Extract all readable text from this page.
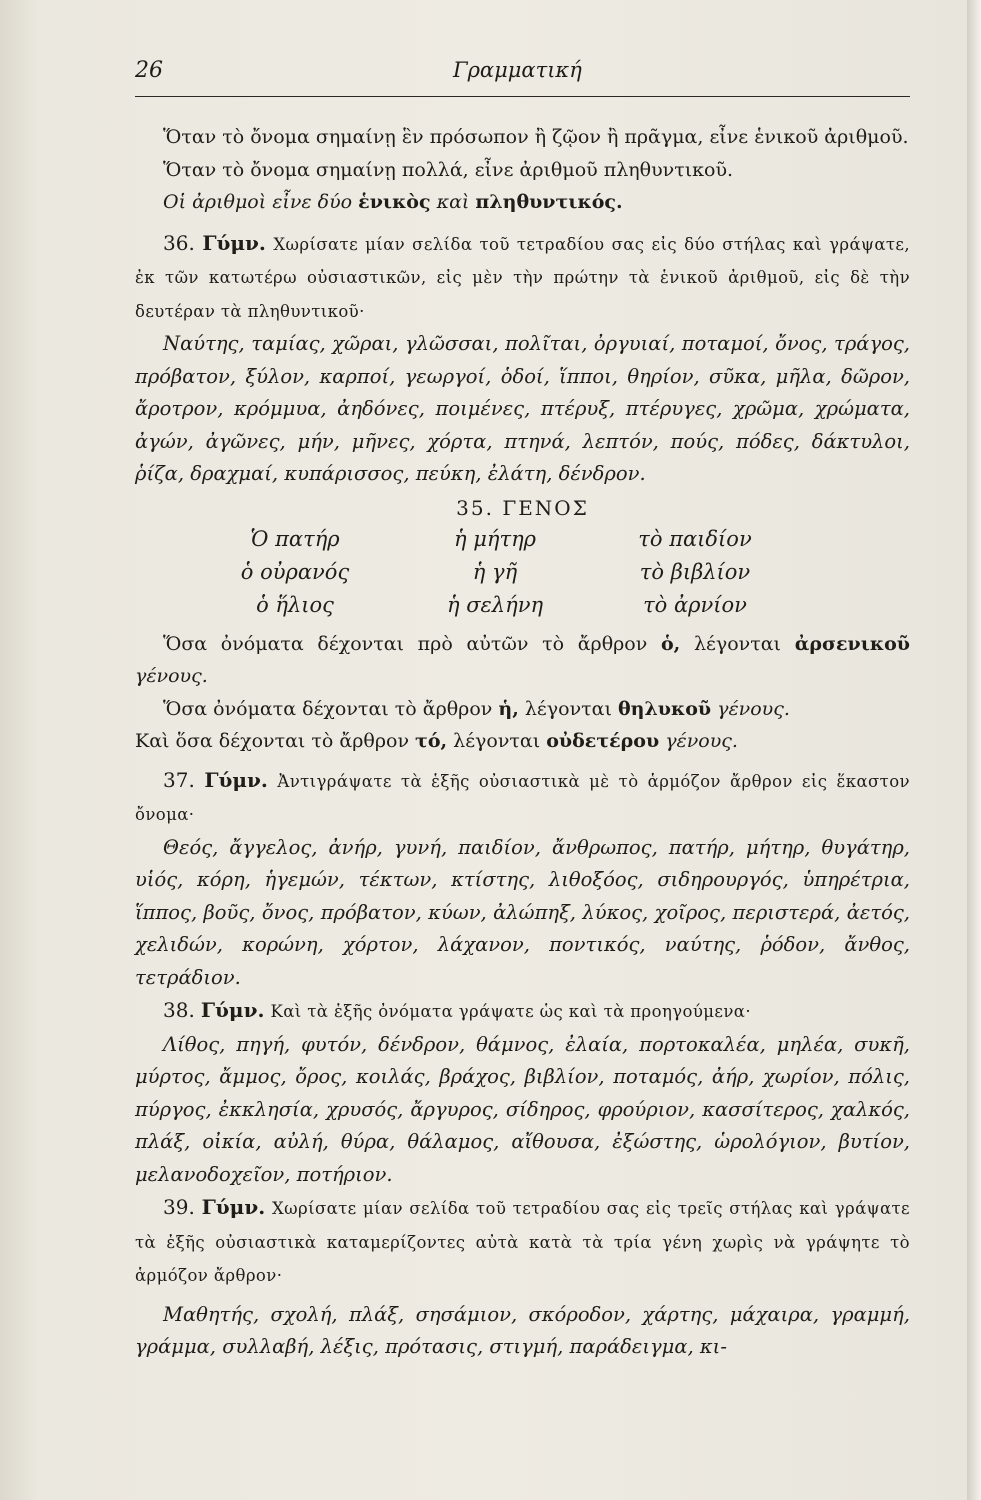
26	Γραμματική

Ὅταν τὸ ὄνομα σημαίνῃ ἓν πρόσωπον ἢ ζῷον ἢ πρᾶγμα, εἶνε ἑνικοῦ ἀριθμοῦ.

Ὅταν τὸ ὄνομα σημαίνῃ πολλά, εἶνε ἀριθμοῦ πληθυντικοῦ.

Οἱ ἀριθμοὶ εἶνε δύο ἑνικὸς καὶ πληθυντικός.

36. Γύμν. Χωρίσατε μίαν σελίδα τοῦ τετραδίου σας εἰς δύο στήλας καὶ γράψατε, ἐκ τῶν κατωτέρω οὐσιαστικῶν, εἰς μὲν τὴν πρώτην τὰ ἑνικοῦ ἀριθμοῦ, εἰς δὲ τὴν δευτέραν τὰ πληθυντικοῦ·

Ναύτης, ταμίας, χῶραι, γλῶσσαι, πολῖται, ὀργυιαί, ποταμοί, ὄνος, τράγος, πρόβατον, ξύλον, καρποί, γεωργοί, ὁδοί, ἵπποι, θηρίον, σῦκα, μῆλα, δῶρον, ἄροτρον, κρόμμυα, ἀηδόνες, ποιμένες, πτέρυξ, πτέρυγες, χρῶμα, χρώματα, ἀγών, ἀγῶνες, μήν, μῆνες, χόρτα, πτηνά, λεπτόν, πούς, πόδες, δάκτυλοι, ῥίζα, δραχμαί, κυπάρισσος, πεύκη, ἐλάτη, δένδρον.

35. ΓΕΝΟΣ
Ὁ πατήρ	ἡ μήτηρ	τὸ παιδίον
ὁ οὐρανός	ἡ γῆ	τὸ βιβλίον
ὁ ἥλιος	ἡ σελήνη	τὸ ἀρνίον

Ὅσα ὀνόματα δέχονται πρὸ αὐτῶν τὸ ἄρθρον ὁ, λέγονται ἀρσενικοῦ γένους.

Ὅσα ὀνόματα δέχονται τὸ ἄρθρον ἡ, λέγονται θηλυκοῦ γένους.

Καὶ ὅσα δέχονται τὸ ἄρθρον τό, λέγονται οὐδετέρου γένους.

37. Γύμν. Ἀντιγράψατε τὰ ἑξῆς οὐσιαστικὰ μὲ τὸ ἁρμόζον ἄρθρον εἰς ἕκαστον ὄνομα·

Θεός, ἄγγελος, ἀνήρ, γυνή, παιδίον, ἄνθρωπος, πατήρ, μήτηρ, θυγάτηρ, υἱός, κόρη, ἡγεμών, τέκτων, κτίστης, λιθοξόος, σιδηρουργός, ὑπηρέτρια, ἵππος, βοῦς, ὄνος, πρόβατον, κύων, ἀλώπηξ, λύκος, χοῖρος, περιστερά, ἀετός, χελιδών, κορώνη, χόρτον, λάχανον, ποντικός, ναύτης, ῥόδον, ἄνθος, τετράδιον.

38. Γύμν. Καὶ τὰ ἑξῆς ὀνόματα γράψατε ὡς καὶ τὰ προηγούμενα·

Λίθος, πηγή, φυτόν, δένδρον, θάμνος, ἐλαία, πορτοκαλέα, μηλέα, συκῆ, μύρτος, ἄμμος, ὄρος, κοιλάς, βράχος, βιβλίον, ποταμός, ἀήρ, χωρίον, πόλις, πύργος, ἐκκλησία, χρυσός, ἄργυρος, σίδηρος, φρούριον, κασσίτερος, χαλκός, πλάξ, οἰκία, αὐλή, θύρα, θάλαμος, αἴθουσα, ἐξώστης, ὡρολόγιον, βυτίον, μελανοδοχεῖον, ποτήριον.

39. Γύμν. Χωρίσατε μίαν σελίδα τοῦ τετραδίου σας εἰς τρεῖς στήλας καὶ γράψατε τὰ ἑξῆς οὐσιαστικὰ καταμερίζοντες αὐτὰ κατὰ τὰ τρία γένη χωρὶς νὰ γράψητε τὸ ἁρμόζον ἄρθρον·

Μαθητής, σχολή, πλάξ, σησάμιον, σκόροδον, χάρτης, μάχαιρα, γραμμή, γράμμα, συλλαβή, λέξις, πρότασις, στιγμή, παράδειγμα, κι-
